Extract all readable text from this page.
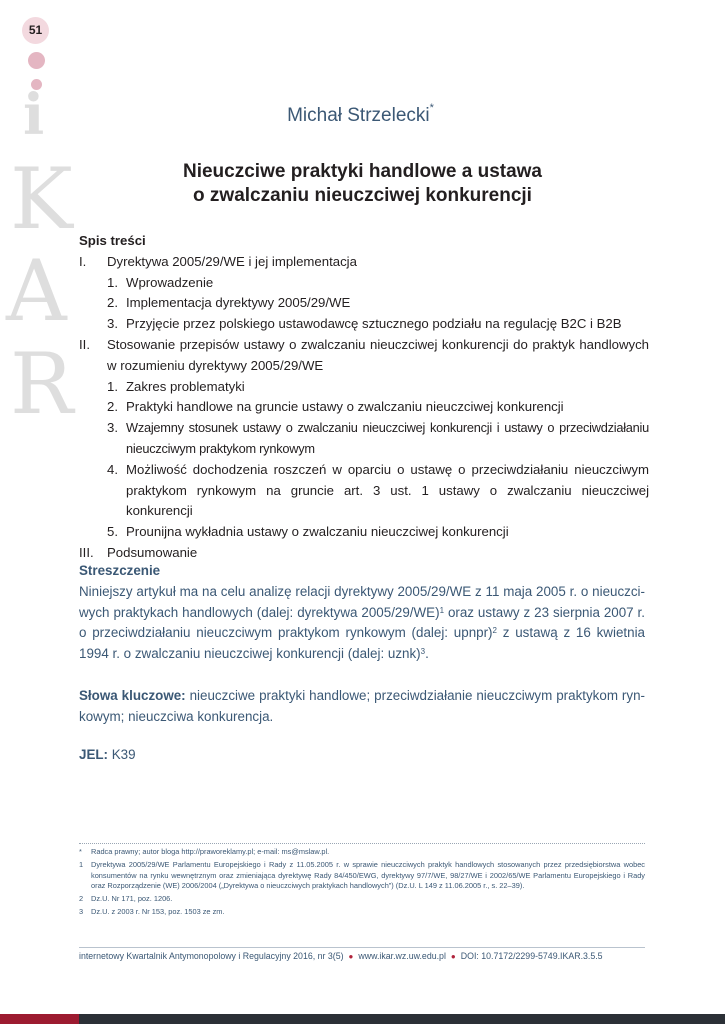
51
i
K
A
R
Michał Strzelecki*
Nieuczciwe praktyki handlowe a ustawa
o zwalczaniu nieuczciwej konkurencji
Spis treści
I.	Dyrektywa 2005/29/WE i jej implementacja
1. Wprowadzenie
2. Implementacja dyrektywy 2005/29/WE
3. Przyjęcie przez polskiego ustawodawcę sztucznego podziału na regulację B2C i B2B
II.	Stosowanie przepisów ustawy o zwalczaniu nieuczciwej konkurencji do praktyk handlowych w rozumieniu dyrektywy 2005/29/WE
1. Zakres problematyki
2. Praktyki handlowe na gruncie ustawy o zwalczaniu nieuczciwej konkurencji
3. Wzajemny stosunek ustawy o zwalczaniu nieuczciwej konkurencji i ustawy o przeciwdziałaniu nieuczciwym praktykom rynkowym
4. Możliwość dochodzenia roszczeń w oparciu o ustawę o przeciwdziałaniu nieuczciwym praktykom rynkowym na gruncie art. 3 ust. 1 ustawy o zwalczaniu nieuczciwej konkurencji
5. Prounijna wykładnia ustawy o zwalczaniu nieuczciwej konkurencji
III.	Podsumowanie
Streszczenie

Niniejszy artykuł ma na celu analizę relacji dyrektywy 2005/29/WE z 11 maja 2005 r. o nieuczciwych praktykach handlowych (dalej: dyrektywa 2005/29/WE)$^1$ oraz ustawy z 23 sierpnia 2007 r. o przeciwdziałaniu nieuczciwym praktykom rynkowym (dalej: upnpr)$^2$ z ustawą z 16 kwietnia 1994 r. o zwalczaniu nieuczciwej konkurencji (dalej: uznk)$^3$.

Słowa kluczowe: nieuczciwe praktyki handlowe; przeciwdziałanie nieuczciwym praktykom rynkowym; nieuczciwa konkurencja.
JEL: K39
*	Radca prawny; autor bloga http://praworeklamy.pl; e-mail: ms@mslaw.pl.
1	Dyrektywa 2005/29/WE Parlamentu Europejskiego i Rady z 11.05.2005 r. w sprawie nieuczciwych praktyk handlowych stosowanych przez przedsiębiorstwa wobec konsumentów na rynku wewnętrznym oraz zmieniająca dyrektywę Rady 84/450/EWG, dyrektywy 97/7/WE, 98/27/WE i 2002/65/WE Parlamentu Europejskiego i Rady oraz Rozporządzenie (WE) 2006/2004 („Dyrektywa o nieuczciwych praktykach handlowych”) (Dz.U. L 149 z 11.06.2005 r., s. 22–39).
2	Dz.U. Nr 171, poz. 1206.
3	Dz.U. z 2003 r. Nr 153, poz. 1503 ze zm.
internetowy Kwartalnik Antymonopolowy i Regulacyjny 2016, nr 3(5) ● www.ikar.wz.uw.edu.pl ● DOI: 10.7172/2299-5749.IKAR.3.5.5
